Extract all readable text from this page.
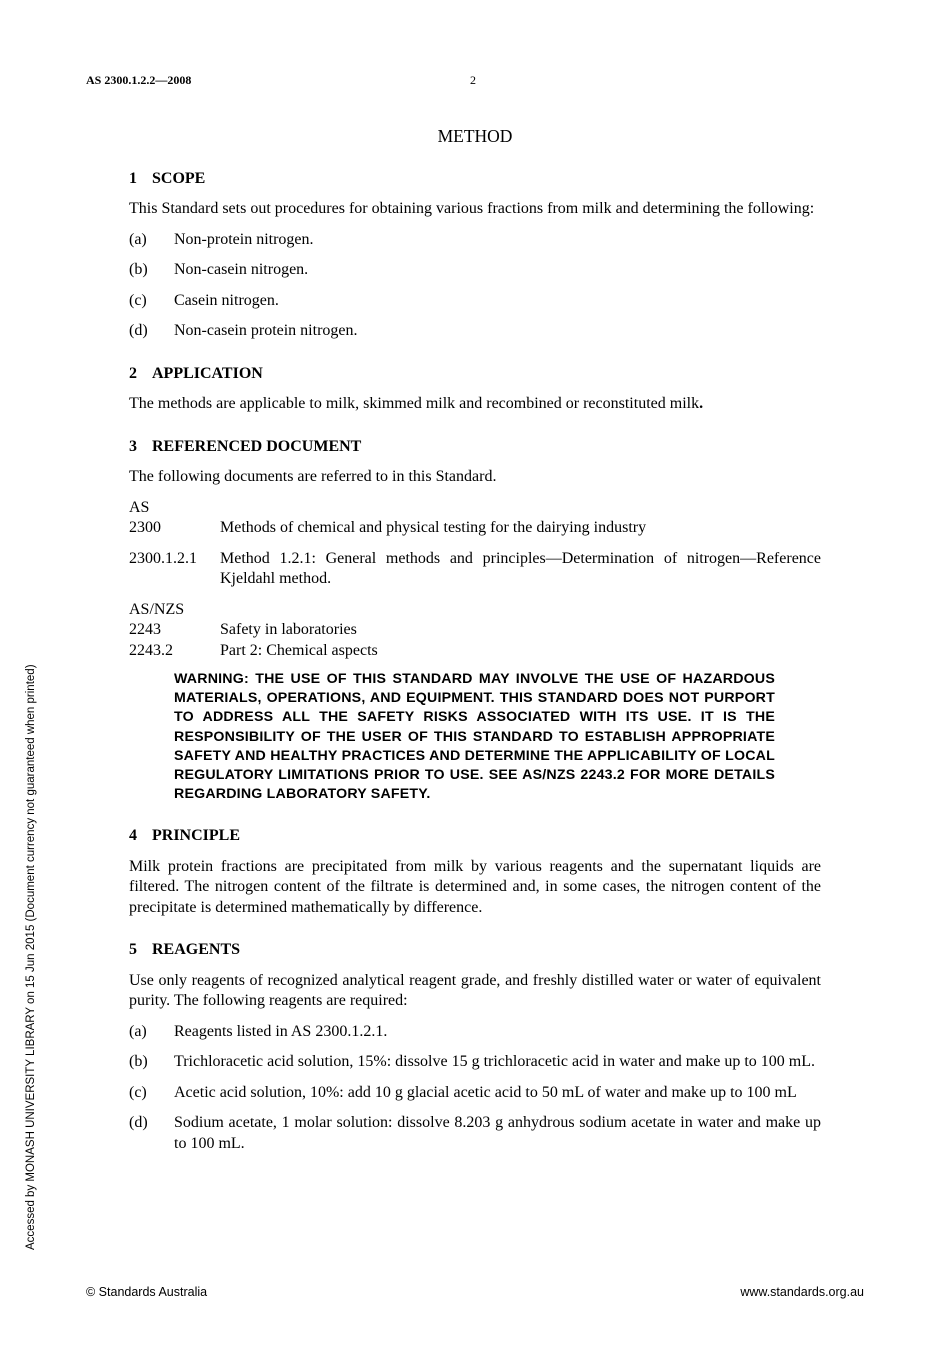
AS 2300.1.2.2—2008	2
Accessed by MONASH UNIVERSITY LIBRARY on 15 Jun 2015 (Document currency not guaranteed when printed)
METHOD
1 SCOPE
This Standard sets out procedures for obtaining various fractions from milk and determining the following:
(a)	Non-protein nitrogen.
(b)	Non-casein nitrogen.
(c)	Casein nitrogen.
(d)	Non-casein protein nitrogen.
2 APPLICATION
The methods are applicable to milk, skimmed milk and recombined or reconstituted milk.
3 REFERENCED DOCUMENT
The following documents are referred to in this Standard.
AS
2300	Methods of chemical and physical testing for the dairying industry
2300.1.2.1	Method 1.2.1: General methods and principles—Determination of nitrogen—Reference Kjeldahl method.
AS/NZS
2243	Safety in laboratories
2243.2	Part 2: Chemical aspects
WARNING: THE USE OF THIS STANDARD MAY INVOLVE THE USE OF HAZARDOUS MATERIALS, OPERATIONS, AND EQUIPMENT. THIS STANDARD DOES NOT PURPORT TO ADDRESS ALL THE SAFETY RISKS ASSOCIATED WITH ITS USE. IT IS THE RESPONSIBILITY OF THE USER OF THIS STANDARD TO ESTABLISH APPROPRIATE SAFETY AND HEALTHY PRACTICES AND DETERMINE THE APPLICABILITY OF LOCAL REGULATORY LIMITATIONS PRIOR TO USE. SEE AS/NZS 2243.2 FOR MORE DETAILS REGARDING LABORATORY SAFETY.
4 PRINCIPLE
Milk protein fractions are precipitated from milk by various reagents and the supernatant liquids are filtered. The nitrogen content of the filtrate is determined and, in some cases, the nitrogen content of the precipitate is determined mathematically by difference.
5 REAGENTS
Use only reagents of recognized analytical reagent grade, and freshly distilled water or water of equivalent purity. The following reagents are required:
(a)	Reagents listed in AS 2300.1.2.1.
(b)	Trichloracetic acid solution, 15%: dissolve 15 g trichloracetic acid in water and make up to 100 mL.
(c)	Acetic acid solution, 10%: add 10 g glacial acetic acid to 50 mL of water and make up to 100 mL
(d)	Sodium acetate, 1 molar solution: dissolve 8.203 g anhydrous sodium acetate in water and make up to 100 mL.
© Standards Australia	www.standards.org.au
